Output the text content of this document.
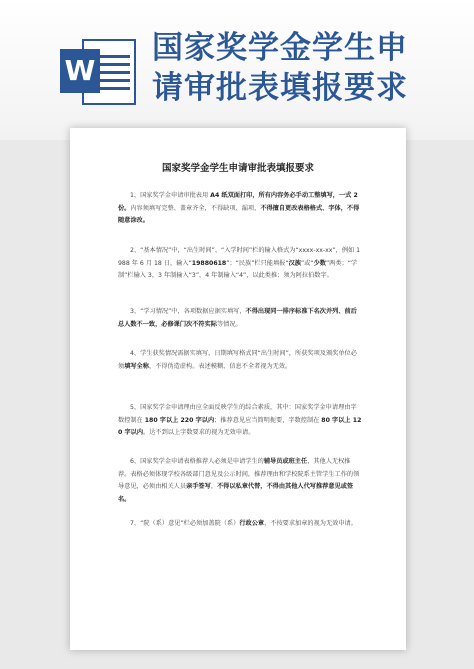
W
国家奖学金学生申
请审批表填报要求
国家奖学金学生申请审批表填报要求
1、国家奖学金申请审批表用 A4 纸双面打印，所有内容务必手动工整填写，一式 2 份。内容须填写完整、盖章齐全，不得缺项、漏项，不得擅自更改表格格式、字体，不得随意涂改。
2、“基本情况”中，“出生时间”、“入学时间”栏的输入格式为“xxxx-xx-xx”，例如 1988 年 6 月 18 日，输入“19880618”；“民族”栏只能填报“汉族”或“少数”两类；“学制”栏输入 3，3 年制输入“3”，4 年制输入“4”，以此类推；须为阿拉伯数字。
3、“学习情况”中，各项数据应据实填写，不得出现同一排序标准下名次并列、前后总人数不一致，必修课门次不符实际等情况。
4、学生获奖情况需据实填写，日期填写格式同“出生时间”，所获奖项及颁奖单位必须填写全称，不得伪造虚构。表述模糊、信息不全者视为无效。
5、国家奖学金申请理由应全面反映学生的综合素质，其中：国家奖学金申请理由字数控制在 180 字以上 220 字以内；推荐意见应当简明扼要，字数控制在 80 字以上 120 字以内。达不到以上字数要求的视为无效申请。
6、国家奖学金申请表格推荐人必须是申请学生的辅导员或班主任，其他人无权推荐。表格必须体现学校各级部门意见及公示时间，推荐理由和学校院系主管学生工作的领导意见，必须由相关人员亲手签写，不得以私章代替，不得由其他人代写推荐意见或签名。
7、“院（系）意见”栏必须加盖院（系）行政公章，不按要求加章的视为无效申请。
